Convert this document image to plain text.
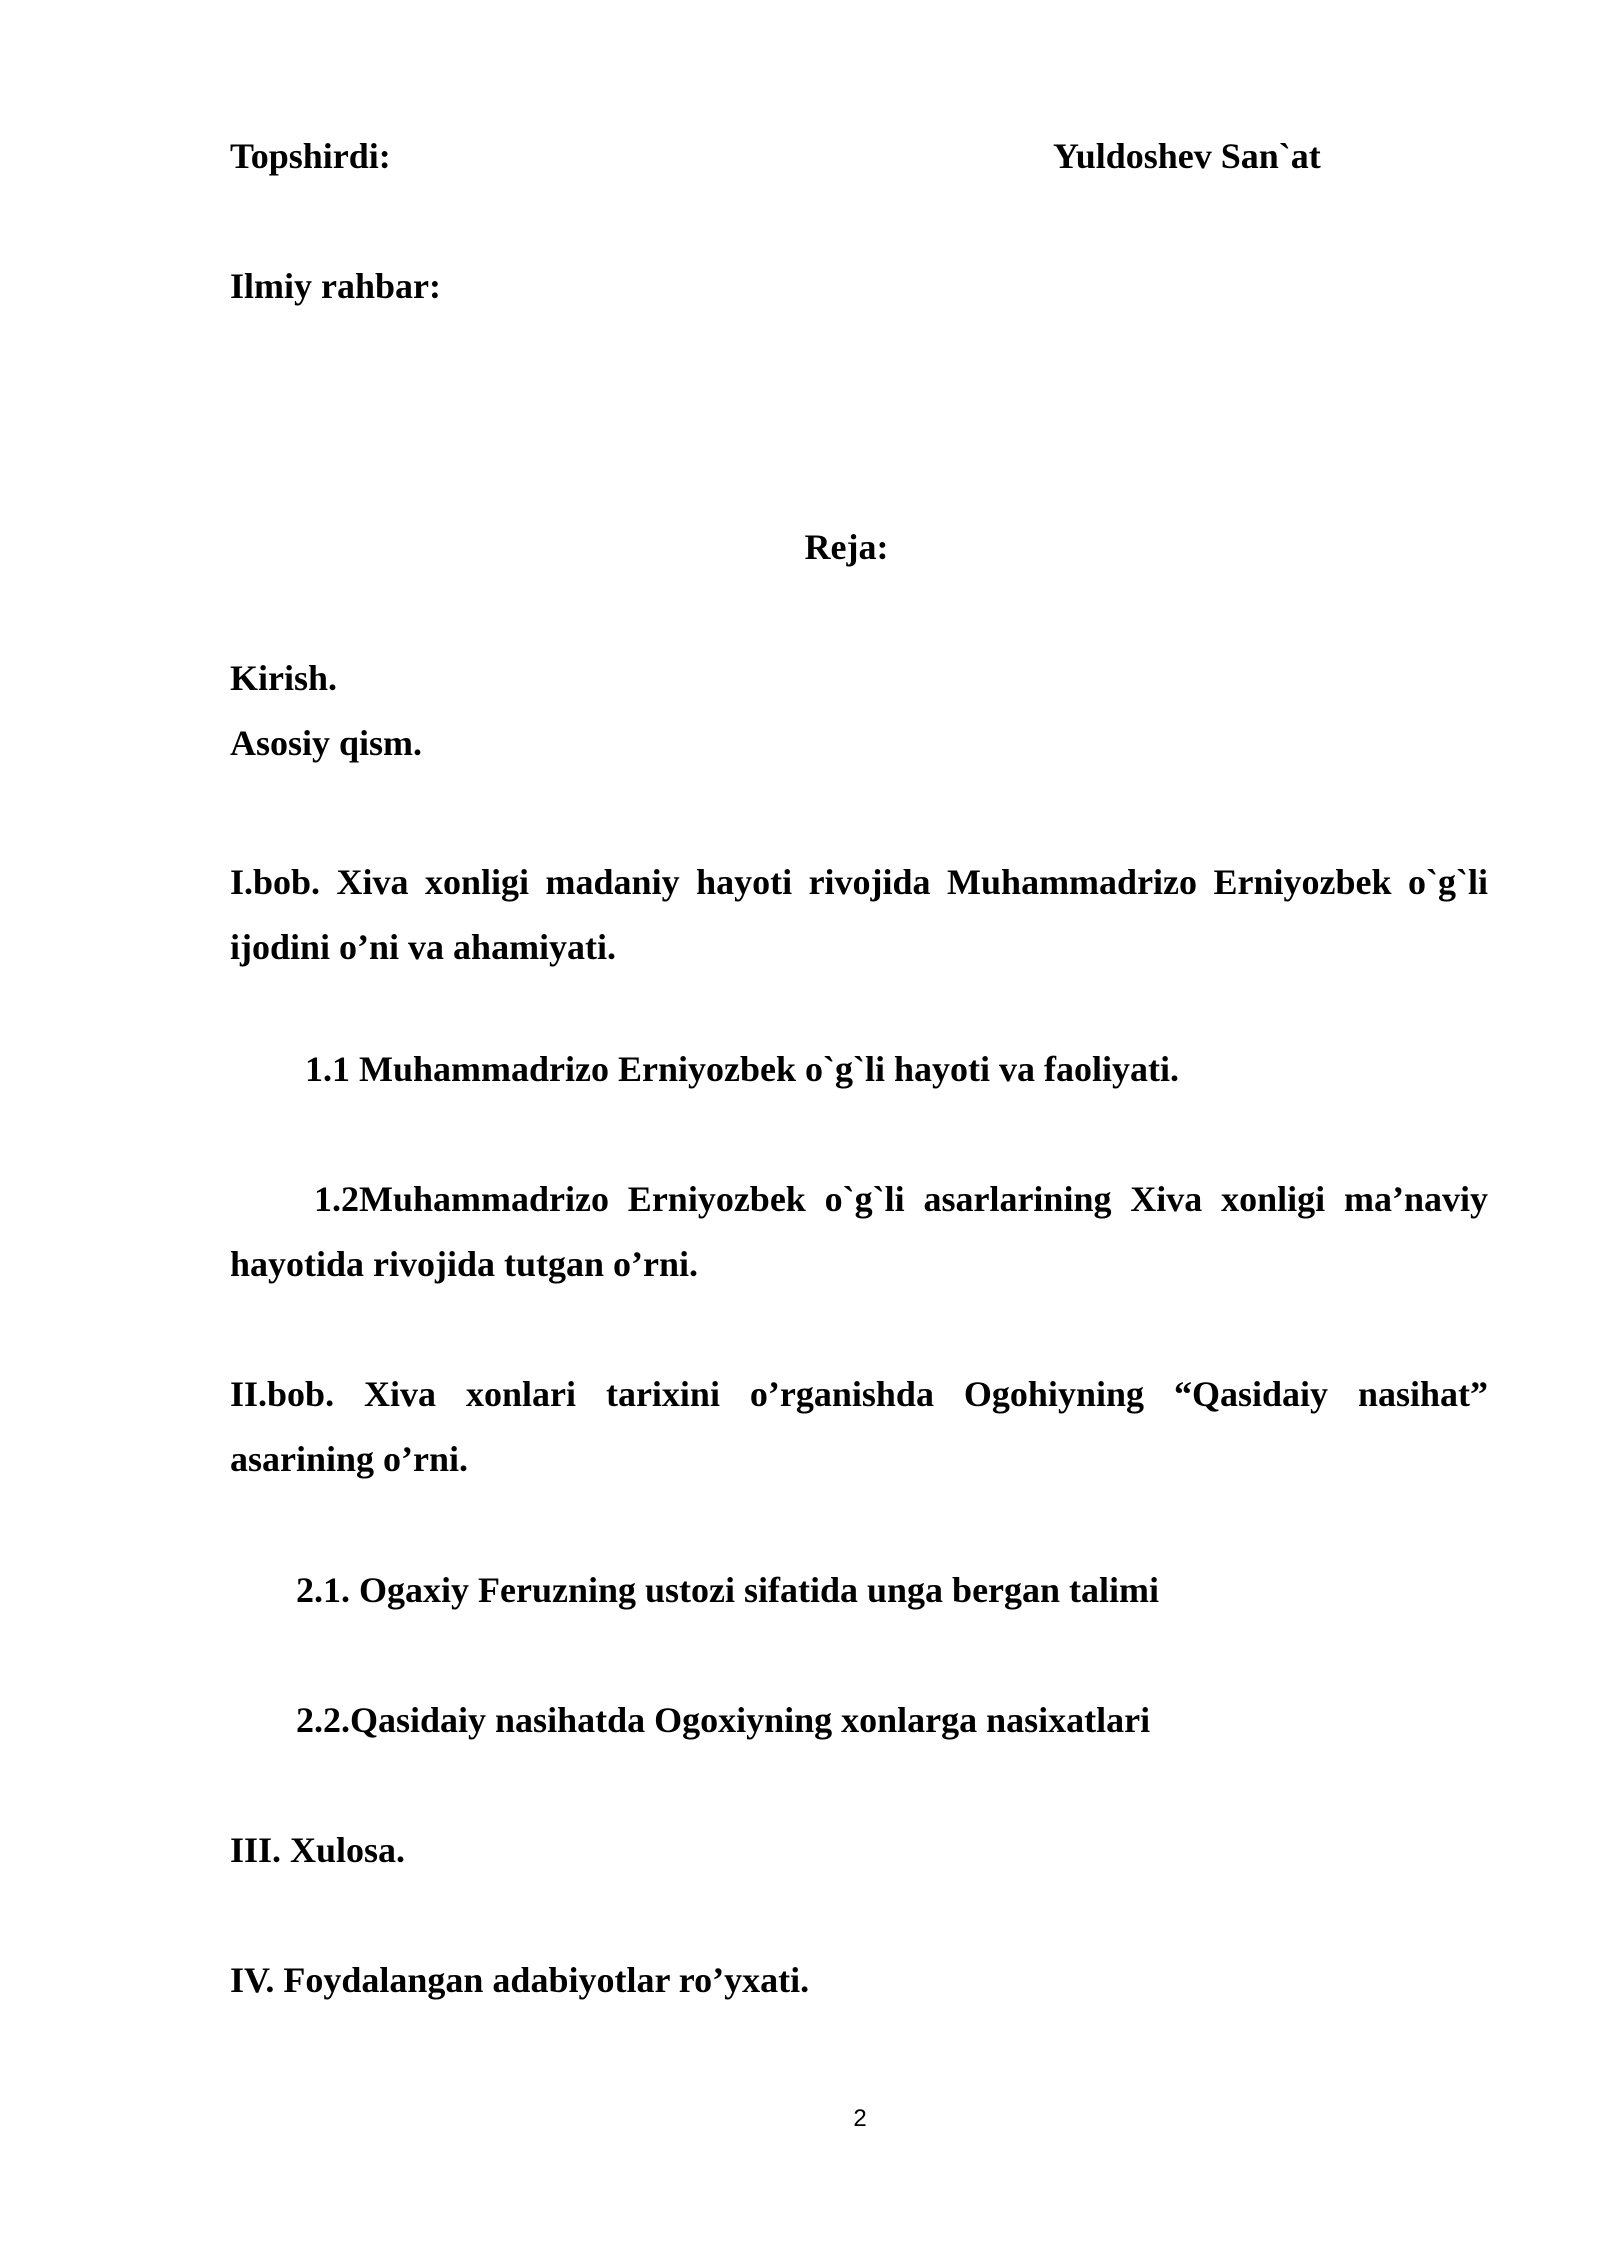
Topshirdi:	Yuldoshev San`at
Ilmiy rahbar:
Reja:
Kirish.
Asosiy qism.
I.bob. Xiva xonligi madaniy hayoti rivojida Muhammadrizo Erniyozbek o`g`li ijodini o’ni va ahamiyati.
1.1 Muhammadrizo Erniyozbek o`g`li hayoti va faoliyati.
1.2Muhammadrizo Erniyozbek o`g`li asarlarining Xiva xonligi ma’naviy hayotida rivojida tutgan o’rni.
II.bob. Xiva xonlari tarixini o’rganishda Ogohiyning “Qasidaiy nasihat” asarining o’rni.
2.1. Ogaxiy Feruzning ustozi sifatida unga bergan talimi
2.2.Qasidaiy nasihatda Ogoxiyning xonlarga nasixatlari
III. Xulosa.
IV. Foydalangan adabiyotlar ro’yxati.
2
